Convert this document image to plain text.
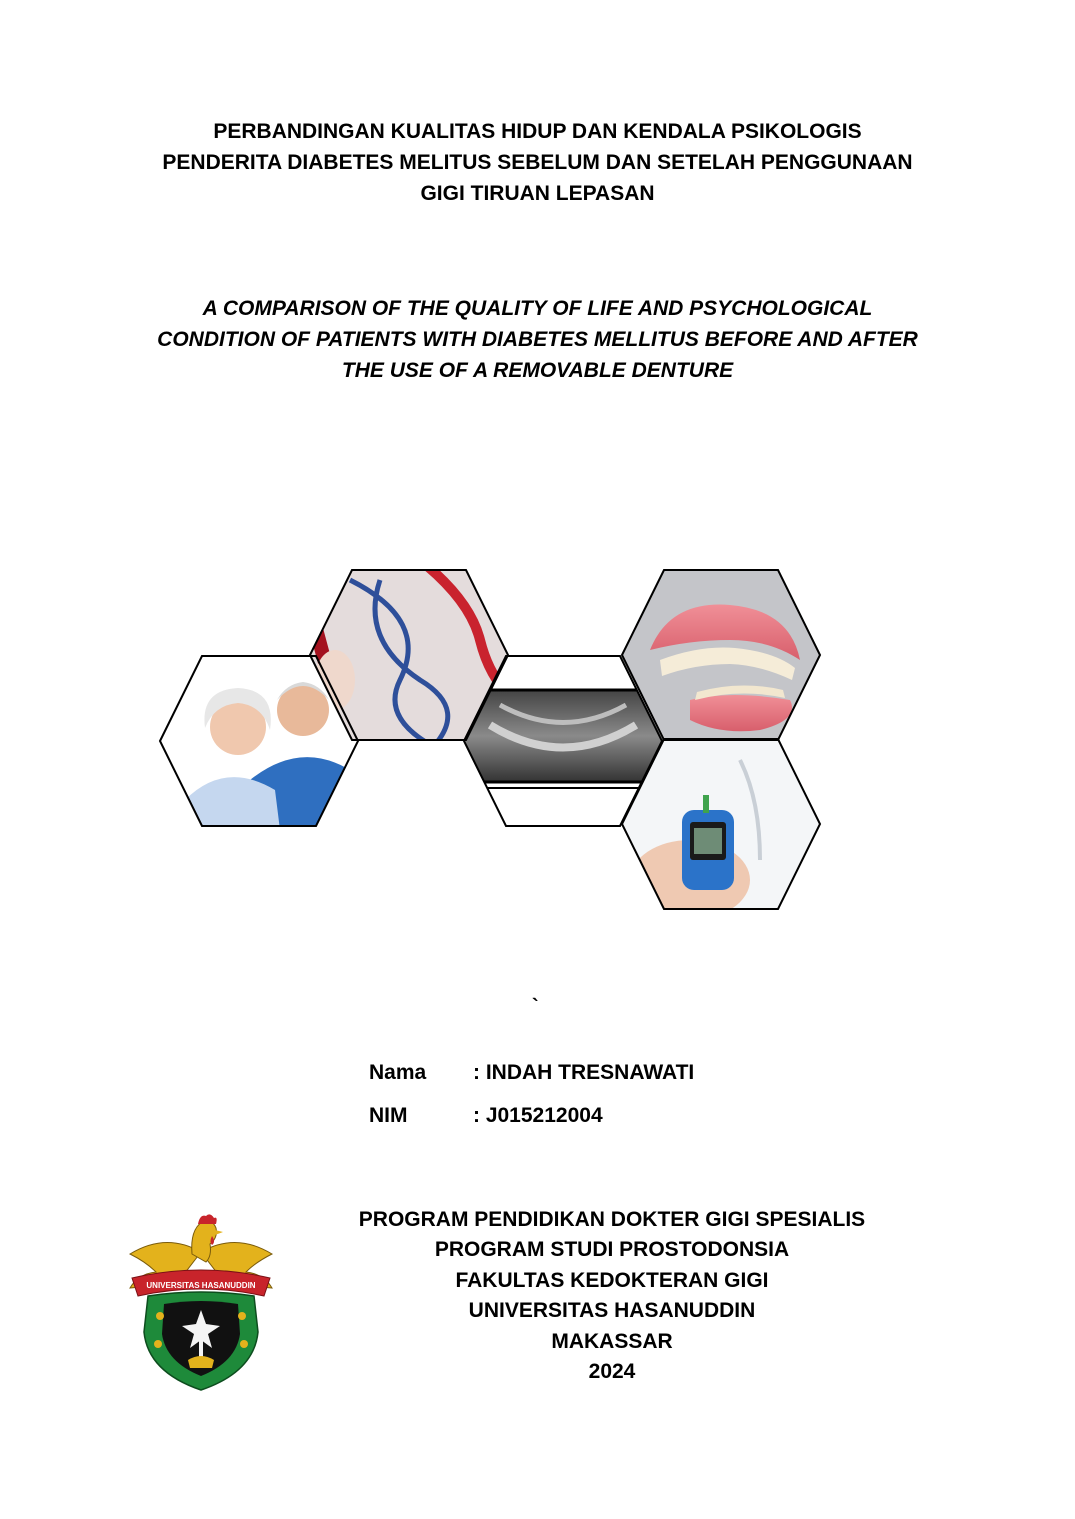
PERBANDINGAN KUALITAS HIDUP DAN KENDALA PSIKOLOGIS
PENDERITA DIABETES MELITUS SEBELUM DAN SETELAH PENGGUNAAN
GIGI TIRUAN LEPASAN
A COMPARISON OF THE QUALITY OF LIFE AND PSYCHOLOGICAL
CONDITION OF PATIENTS WITH DIABETES MELLITUS BEFORE AND AFTER
THE USE OF A REMOVABLE DENTURE
`
Nama : INDAH TRESNAWATI
NIM	: J015212004
UNIVERSITAS HASANUDDIN
PROGRAM PENDIDIKAN DOKTER GIGI SPESIALIS
PROGRAM STUDI PROSTODONSIA
FAKULTAS KEDOKTERAN GIGI
UNIVERSITAS HASANUDDIN
MAKASSAR
2024
